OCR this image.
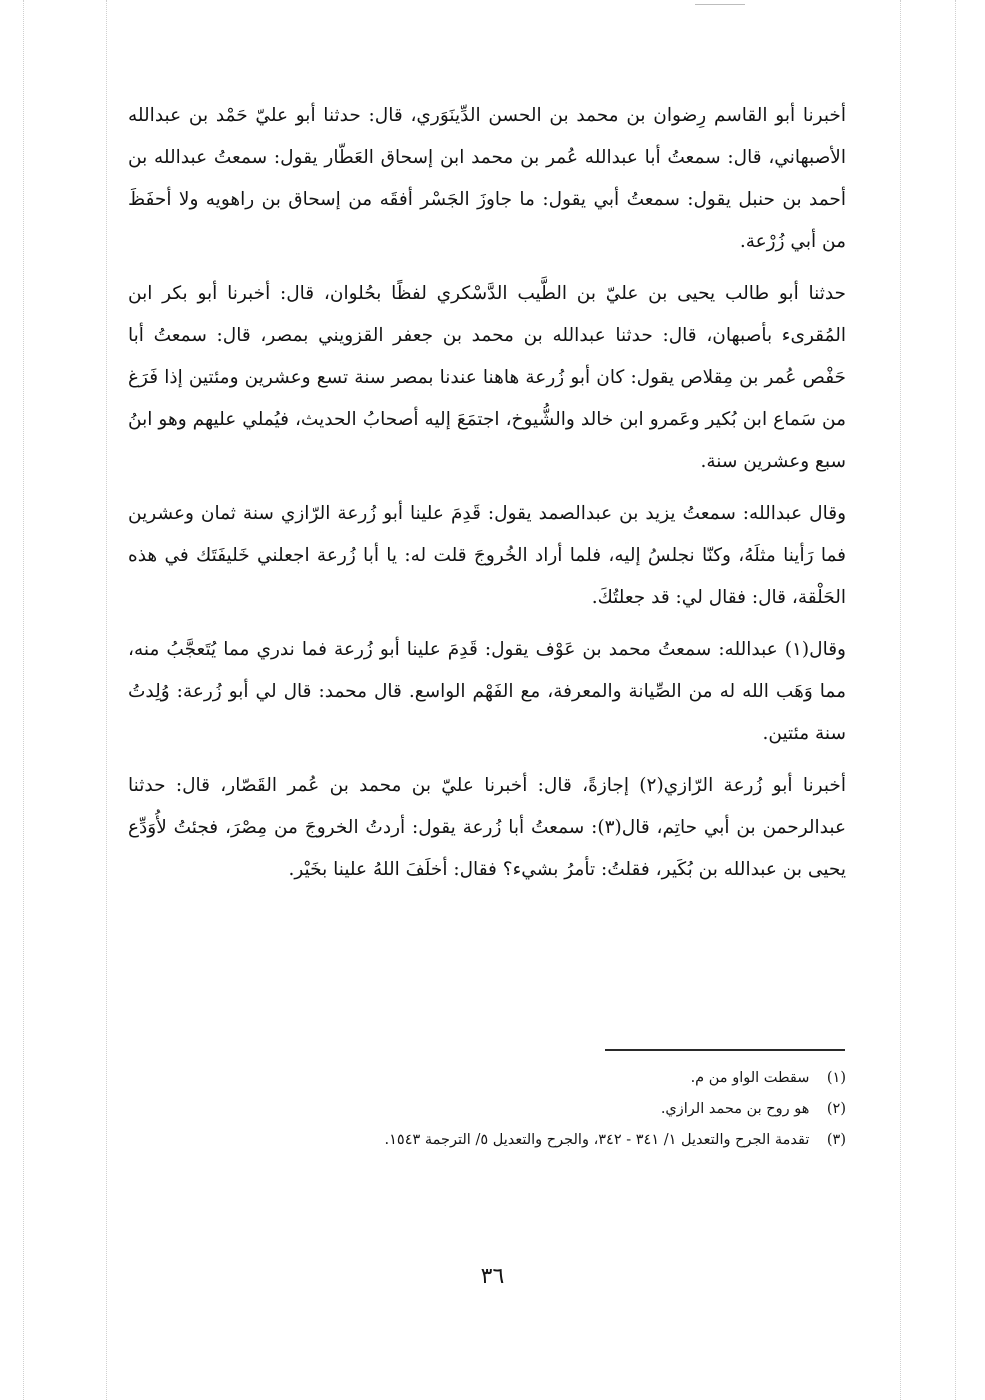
أخبرنا أبو القاسم رِضوان بن محمد بن الحسن الدِّينَوَري، قال: حدثنا أبو عليّ حَمْد بن عبدالله الأصبهاني، قال: سمعتُ أبا عبدالله عُمر بن محمد ابن إسحاق العَطّار يقول: سمعتُ عبدالله بن أحمد بن حنبل يقول: سمعتُ أبي يقول: ما جاوزَ الجَسْر أفقَه من إسحاق بن راهويه ولا أحفَظَ من أبي زُرْعة.

حدثنا أبو طالب يحيى بن عليّ بن الطَّيب الدَّسْكري لفظًا بحُلوان، قال: أخبرنا أبو بكر ابن المُقرىء بأصبهان، قال: حدثنا عبدالله بن محمد بن جعفر القزويني بمصر، قال: سمعتُ أبا حَفْص عُمر بن مِقلاص يقول: كان أبو زُرعة هاهنا عندنا بمصر سنة تسع وعشرين ومئتين إذا فَرَغ من سَماع ابن بُكير وعَمرو ابن خالد والشُّيوخ، اجتمَعَ إليه أصحابُ الحديث، فيُملي عليهم وهو ابنُ سبع وعشرين سنة.

وقال عبدالله: سمعتُ يزيد بن عبدالصمد يقول: قَدِمَ علينا أبو زُرعة الرّازي سنة ثمان وعشرين فما رَأينا مثلَهُ، وكنّا نجلسُ إليه، فلما أراد الخُروجَ قلت له: يا أبا زُرعة اجعلني خَليفَتَك في هذه الحَلْقة، قال: فقال لي: قد جعلتُكَ.

وقال(١) عبدالله: سمعتُ محمد بن عَوْف يقول: قَدِمَ علينا أبو زُرعة فما ندري مما يُتَعجَّبُ منه، مما وَهَب الله له من الصِّيانة والمعرفة، مع الفَهْم الواسع. قال محمد: قال لي أبو زُرعة: وُلِدتُ سنة مئتين.

أخبرنا أبو زُرعة الرّازي(٢) إجازةً، قال: أخبرنا عليّ بن محمد بن عُمر القَصّار، قال: حدثنا عبدالرحمن بن أبي حاتِم، قال(٣): سمعتُ أبا زُرعة يقول: أردتُ الخروجَ من مِصْرَ، فجئتُ لأُوَدِّع يحيى بن عبدالله بن بُكَير، فقلتُ: تأمرُ بشيء؟ فقال: أخلَفَ اللهُ علينا بخَيْر.

(١) سقطت الواو من م.

(٢) هو روح بن محمد الرازي.

(٣) تقدمة الجرح والتعديل ١/ ٣٤١ - ٣٤٢، والجرح والتعديل ٥/ الترجمة ١٥٤٣.

٣٦
